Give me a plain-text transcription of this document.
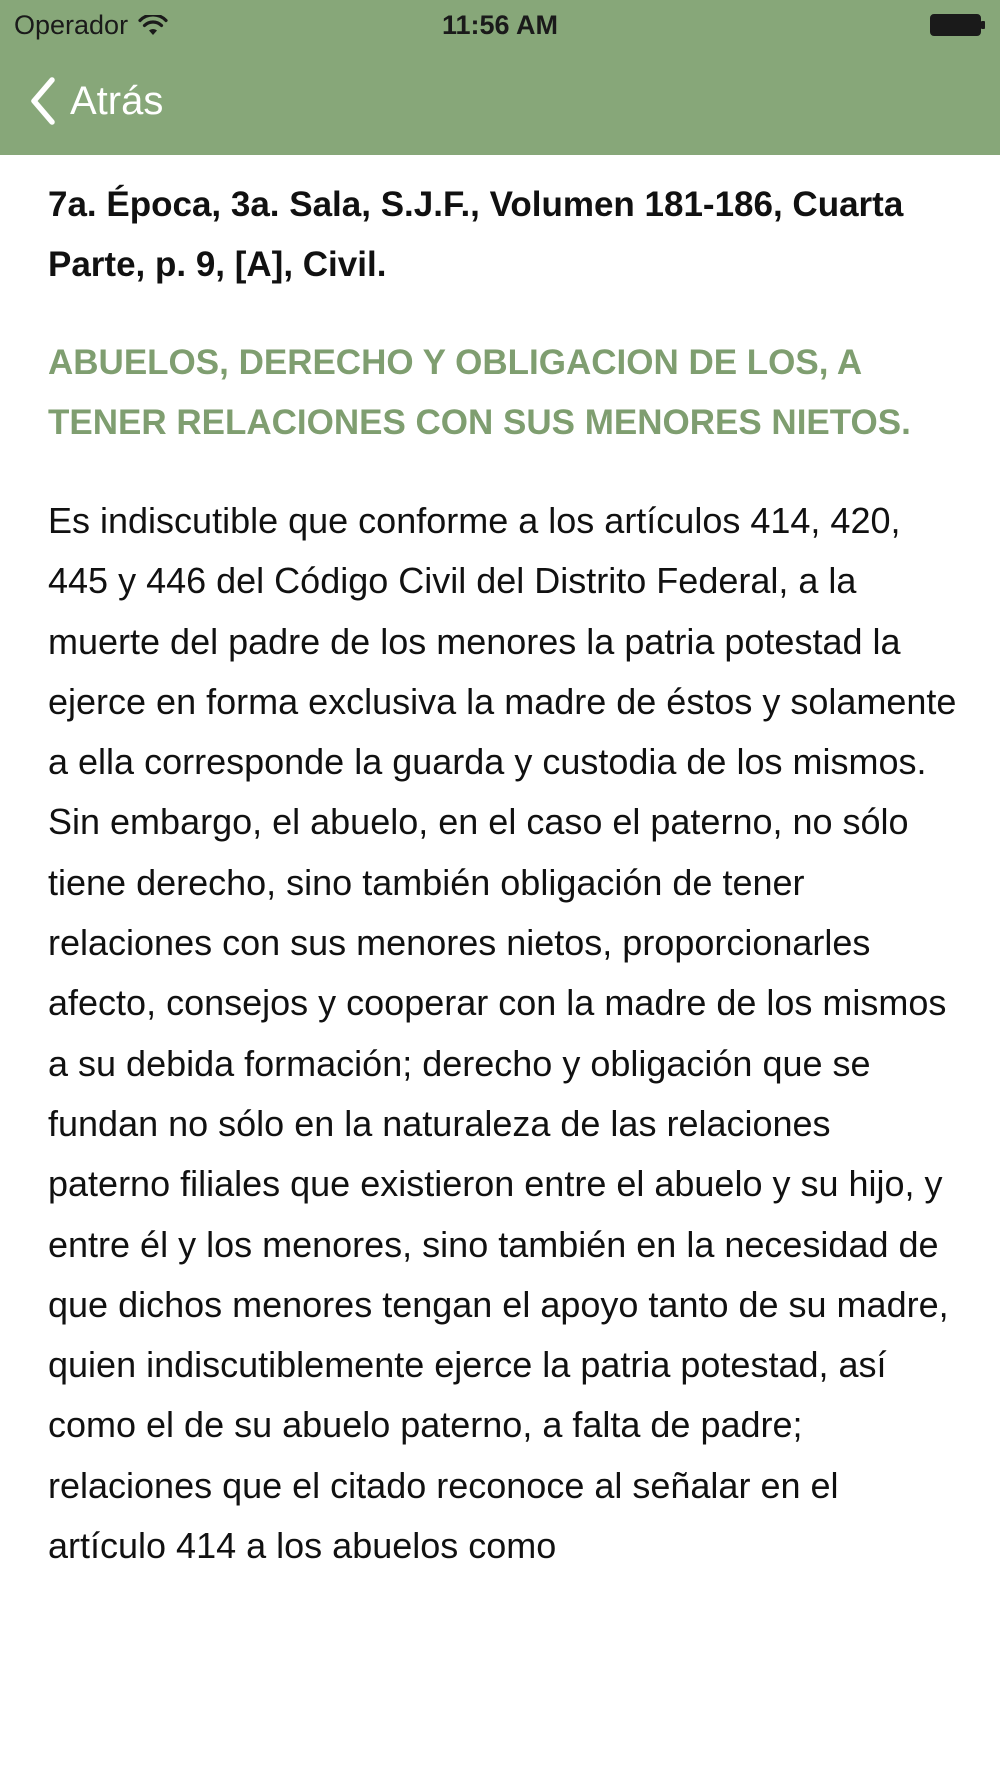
Operador	11:56 AM
Atrás

7a. Época, 3a. Sala, S.J.F., Volumen 181-186, Cuarta Parte, p. 9, [A], Civil.

ABUELOS, DERECHO Y OBLIGACION DE LOS, A TENER RELACIONES CON SUS MENORES NIETOS.

Es indiscutible que conforme a los artículos 414, 420, 445 y 446 del Código Civil del Distrito Federal, a la muerte del padre de los menores la patria potestad la ejerce en forma exclusiva la madre de éstos y solamente a ella corresponde la guarda y custodia de los mismos. Sin embargo, el abuelo, en el caso el paterno, no sólo tiene derecho, sino también obligación de tener relaciones con sus menores nietos, proporcionarles afecto, consejos y cooperar con la madre de los mismos a su debida formación; derecho y obligación que se fundan no sólo en la naturaleza de las relaciones paterno filiales que existieron entre el abuelo y su hijo, y entre él y los menores, sino también en la necesidad de que dichos menores tengan el apoyo tanto de su madre, quien indiscutiblemente ejerce la patria potestad, así como el de su abuelo paterno, a falta de padre; relaciones que el citado reconoce al señalar en el artículo 414 a los abuelos como
